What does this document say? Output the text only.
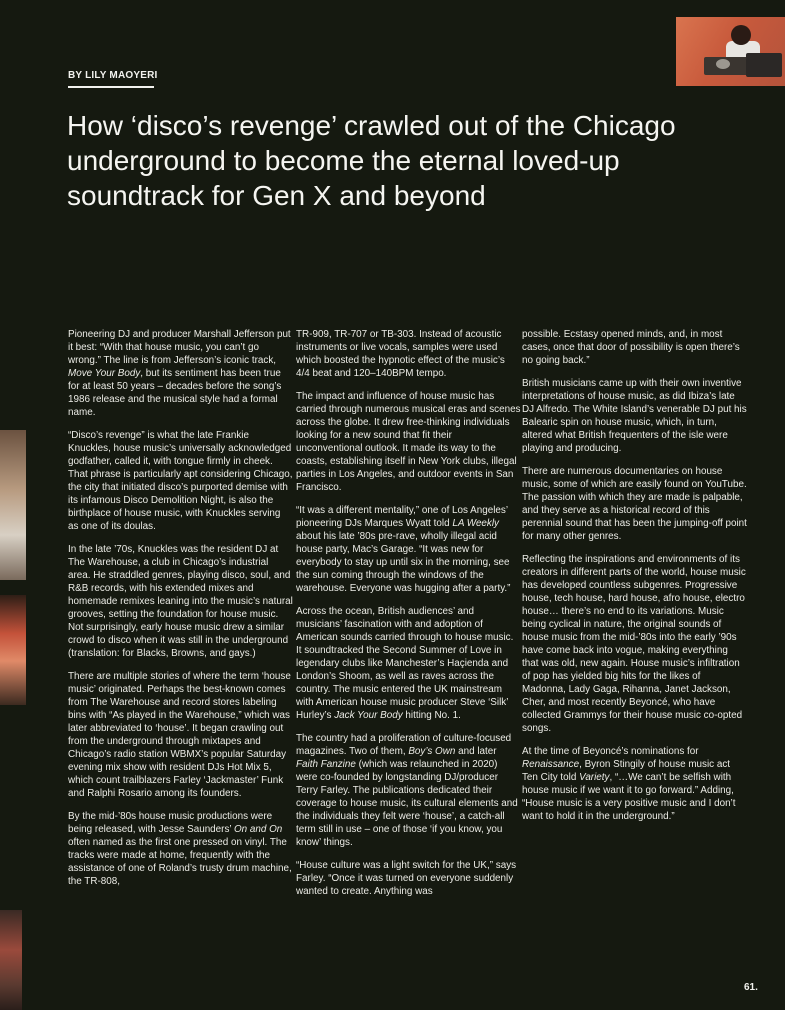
BY LILY MAOYERI
How ‘disco’s revenge’ crawled out of the Chicago underground to become the eternal loved-up soundtrack for Gen X and beyond

Pioneering DJ and producer Marshall Jefferson put it best: “With that house music, you can’t go wrong.” The line is from Jefferson’s iconic track, Move Your Body, but its sentiment has been true for at least 50 years – decades before the song’s 1986 release and the musical style had a formal name.

“Disco’s revenge” is what the late Frankie Knuckles, house music’s universally acknowledged godfather, called it, with tongue firmly in cheek. That phrase is particularly apt considering Chicago, the city that initiated disco’s purported demise with its infamous Disco Demolition Night, is also the birthplace of house music, with Knuckles serving as one of its doulas.

In the late ’70s, Knuckles was the resident DJ at The Warehouse, a club in Chicago’s industrial area. He straddled genres, playing disco, soul, and R&B records, with his extended mixes and homemade remixes leaning into the music’s natural grooves, setting the foundation for house music. Not surprisingly, early house music drew a similar crowd to disco when it was still in the underground (translation: for Blacks, Browns, and gays.)

There are multiple stories of where the term ‘house music’ originated. Perhaps the best-known comes from The Warehouse and record stores labeling bins with “As played in the Warehouse,” which was later abbreviated to ‘house’. It began crawling out from the underground through mixtapes and Chicago’s radio station WBMX’s popular Saturday evening mix show with resident DJs Hot Mix 5, which count trailblazers Farley ‘Jackmaster’ Funk and Ralphi Rosario among its founders.

By the mid-’80s house music productions were being released, with Jesse Saunders’ On and On often named as the first one pressed on vinyl. The tracks were made at home, frequently with the assistance of one of Roland’s trusty drum machine, the TR-808,

TR-909, TR-707 or TB-303. Instead of acoustic instruments or live vocals, samples were used which boosted the hypnotic effect of the music’s 4/4 beat and 120–140BPM tempo.

The impact and influence of house music has carried through numerous musical eras and scenes across the globe. It drew free-thinking individuals looking for a new sound that fit their unconventional outlook. It made its way to the coasts, establishing itself in New York clubs, illegal parties in Los Angeles, and outdoor events in San Francisco.

“It was a different mentality,” one of Los Angeles’ pioneering DJs Marques Wyatt told LA Weekly about his late ’80s pre-rave, wholly illegal acid house party, Mac’s Garage. “It was new for everybody to stay up until six in the morning, see the sun coming through the windows of the warehouse. Everyone was hugging after a party.”

Across the ocean, British audiences’ and musicians’ fascination with and adoption of American sounds carried through to house music. It soundtracked the Second Summer of Love in legendary clubs like Manchester’s Haçienda and London’s Shoom, as well as raves across the country. The music entered the UK mainstream with American house music producer Steve ‘Silk’ Hurley’s Jack Your Body hitting No. 1.

The country had a proliferation of culture-focused magazines. Two of them, Boy’s Own and later Faith Fanzine (which was relaunched in 2020) were co-founded by longstanding DJ/producer Terry Farley. The publications dedicated their coverage to house music, its cultural elements and the individuals they felt were ‘house’, a catch-all term still in use – one of those ‘if you know, you know’ things.

“House culture was a light switch for the UK,” says Farley. “Once it was turned on everyone suddenly wanted to create. Anything was

possible. Ecstasy opened minds, and, in most cases, once that door of possibility is open there’s no going back.”

British musicians came up with their own inventive interpretations of house music, as did Ibiza’s late DJ Alfredo. The White Island’s venerable DJ put his Balearic spin on house music, which, in turn, altered what British frequenters of the isle were playing and producing.

There are numerous documentaries on house music, some of which are easily found on YouTube. The passion with which they are made is palpable, and they serve as a historical record of this perennial sound that has been the jumping-off point for many other genres.

Reflecting the inspirations and environments of its creators in different parts of the world, house music has developed countless subgenres. Progressive house, tech house, hard house, afro house, electro house… there’s no end to its variations. Music being cyclical in nature, the original sounds of house music from the mid-’80s into the early ’90s have come back into vogue, making everything that was old, new again. House music’s infiltration of pop has yielded big hits for the likes of Madonna, Lady Gaga, Rihanna, Janet Jackson, Cher, and most recently Beyoncé, who have collected Grammys for their house music co-opted songs.

At the time of Beyoncé’s nominations for Renaissance, Byron Stingily of house music act Ten City told Variety, “…We can’t be selfish with house music if we want it to go forward.” Adding, “House music is a very positive music and I don’t want to hold it in the underground.”

61.
